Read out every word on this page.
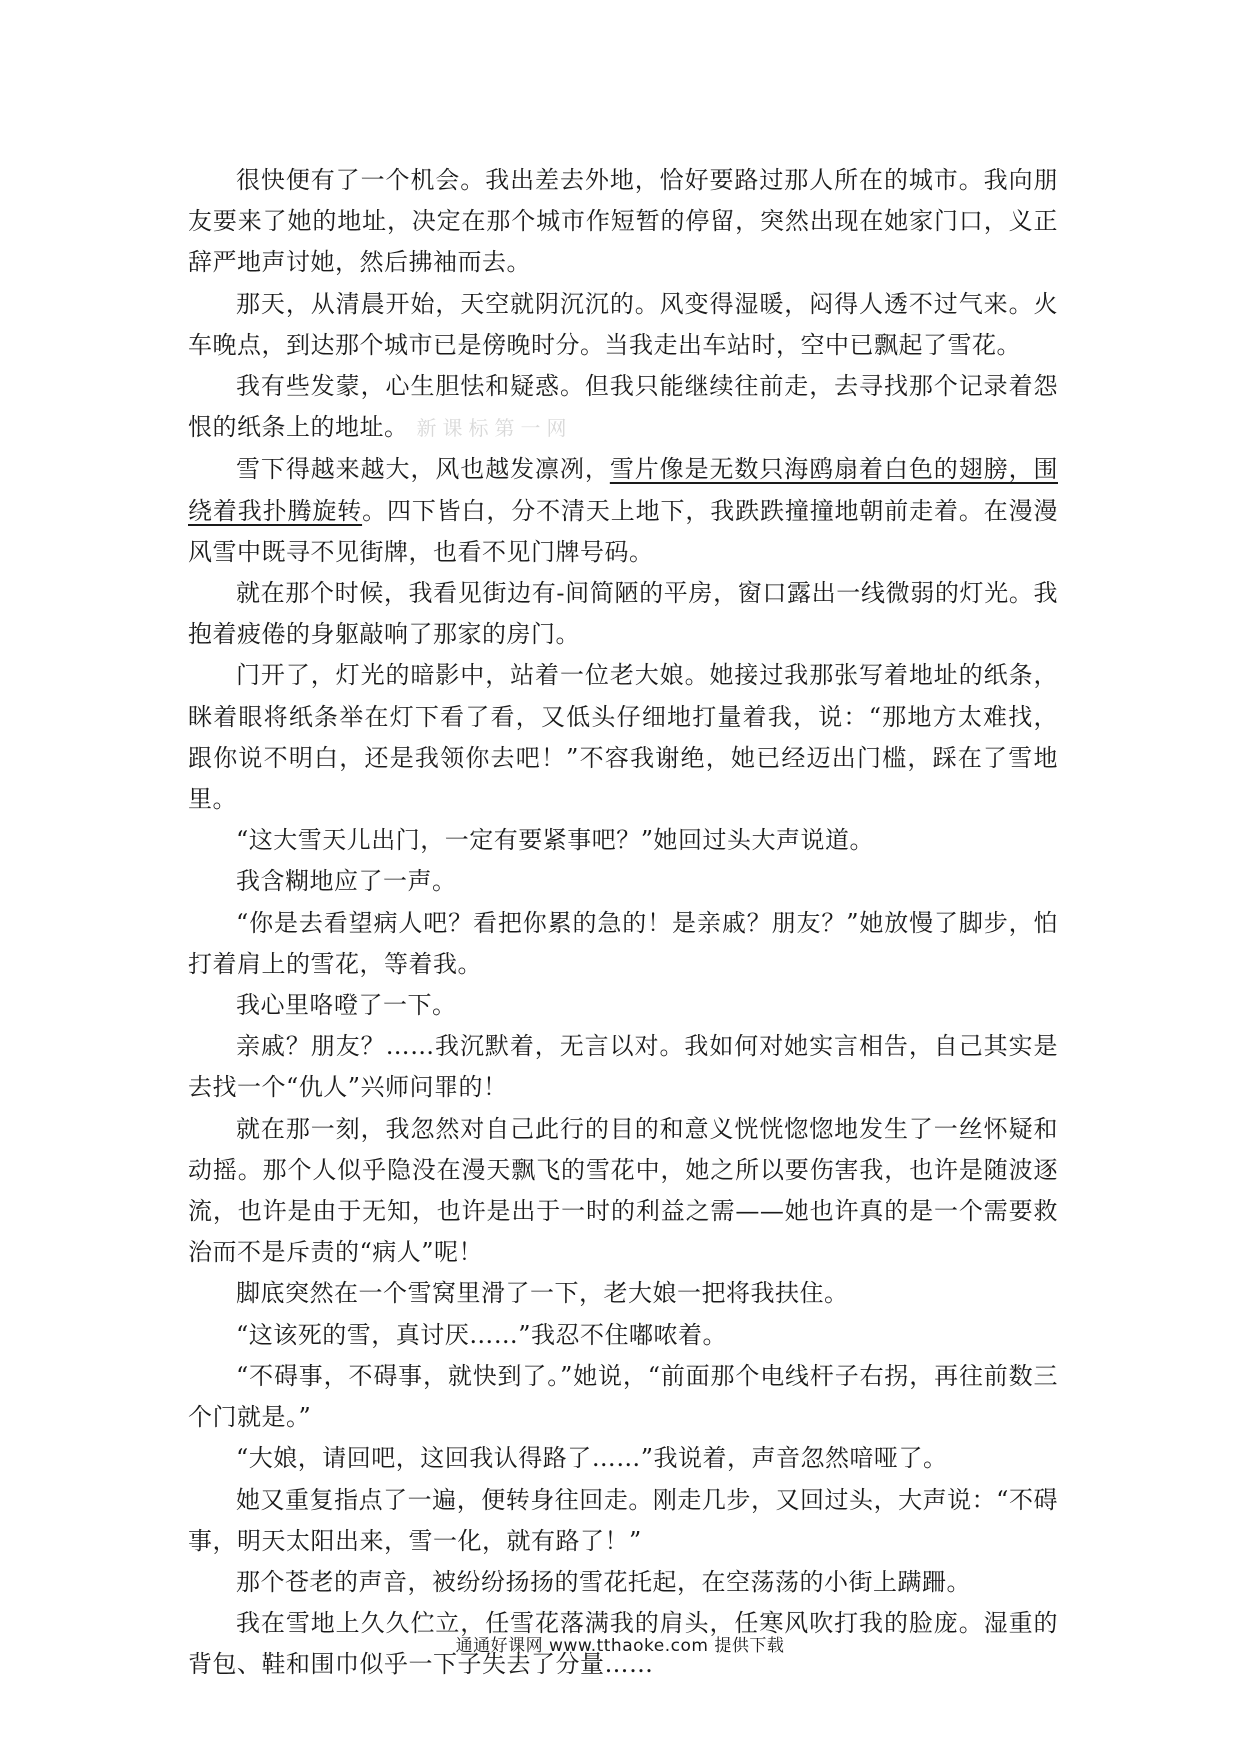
很快便有了一个机会。我出差去外地，恰好要路过那人所在的城市。我向朋友要来了她的地址，决定在那个城市作短暂的停留，突然出现在她家门口，义正辞严地声讨她，然后拂袖而去。

那天，从清晨开始，天空就阴沉沉的。风变得湿暖，闷得人透不过气来。火车晚点，到达那个城市已是傍晚时分。当我走出车站时，空中已飘起了雪花。

我有些发蒙，心生胆怯和疑惑。但我只能继续往前走，去寻找那个记录着怨恨的纸条上的地址。 新课标第一网

雪下得越来越大，风也越发凛冽，雪片像是无数只海鸥扇着白色的翅膀，围绕着我扑腾旋转。四下皆白，分不清天上地下，我跌跌撞撞地朝前走着。在漫漫风雪中既寻不见街牌，也看不见门牌号码。

就在那个时候，我看见街边有-间简陋的平房，窗口露出一线微弱的灯光。我抱着疲倦的身躯敲响了那家的房门。

门开了，灯光的暗影中，站着一位老大娘。她接过我那张写着地址的纸条，眯着眼将纸条举在灯下看了看，又低头仔细地打量着我，说：“那地方太难找，跟你说不明白，还是我领你去吧！”不容我谢绝，她已经迈出门槛，踩在了雪地里。

“这大雪天儿出门，一定有要紧事吧？”她回过头大声说道。

我含糊地应了一声。

“你是去看望病人吧？看把你累的急的！是亲戚？朋友？”她放慢了脚步，怕打着肩上的雪花，等着我。

我心里咯噔了一下。

亲戚？朋友？……我沉默着，无言以对。我如何对她实言相告，自己其实是去找一个“仇人”兴师问罪的！

就在那一刻，我忽然对自己此行的目的和意义恍恍惚惚地发生了一丝怀疑和动摇。那个人似乎隐没在漫天飘飞的雪花中，她之所以要伤害我，也许是随波逐流，也许是由于无知，也许是出于一时的利益之需——她也许真的是一个需要救治而不是斥责的“病人”呢！

脚底突然在一个雪窝里滑了一下，老大娘一把将我扶住。

“这该死的雪，真讨厌……”我忍不住嘟哝着。

“不碍事，不碍事，就快到了。”她说，“前面那个电线杆子右拐，再往前数三个门就是。”

“大娘，请回吧，这回我认得路了……”我说着，声音忽然喑哑了。

她又重复指点了一遍，便转身往回走。刚走几步，又回过头，大声说：“不碍事，明天太阳出来，雪一化，就有路了！”

那个苍老的声音，被纷纷扬扬的雪花托起，在空荡荡的小街上蹒跚。

我在雪地上久久伫立，任雪花落满我的肩头，任寒风吹打我的脸庞。湿重的背包、鞋和围巾似乎一下子失去了分量……

通通好课网 www.tthaoke.com 提供下载
